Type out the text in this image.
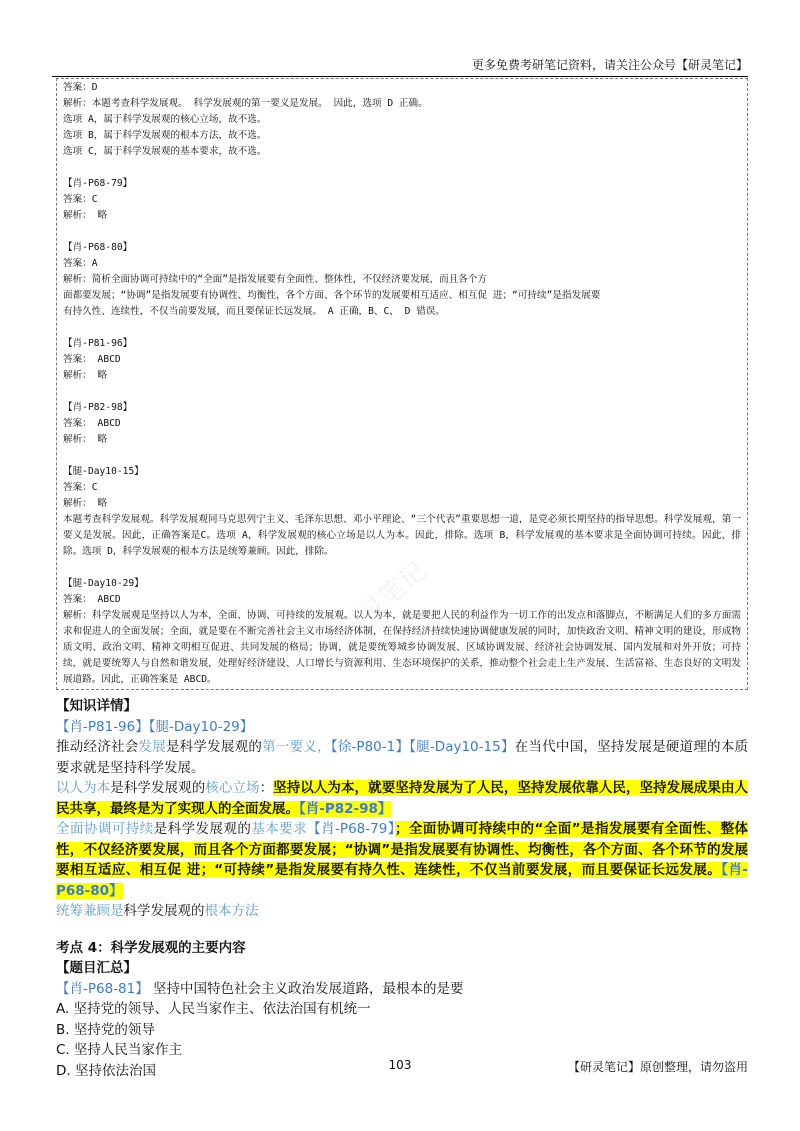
更多免费考研笔记资料，请关注公众号【研灵笔记】
研灵笔记
答案：D
解析：本题考查科学发展观。 科学发展观的第一要义是发展。 因此，选项 D 正确。
选项 A，属于科学发展观的核心立场，故不选。
选项 B，属于科学发展观的根本方法，故不选。
选项 C，属于科学发展观的基本要求，故不选。
【肖-P68-79】
答案：C
解析： 略
【肖-P68-80】
答案：A
解析：简析全面协调可持续中的“全面”是指发展要有全面性、整体性，不仅经济要发展，而且各个方
面都要发展；“协调”是指发展要有协调性、均衡性，各个方面、各个环节的发展要相互适应、相互促 进；“可持续”是指发展要
有持久性、连续性，不仅当前要发展，而且要保证长远发展。 A 正确，B、C、 D 错误。
【肖-P81-96】
答案： ABCD
解析： 略
【肖-P82-98】
答案： ABCD
解析： 略
【腿-Day10-15】
答案：C
解析： 略
本题考查科学发展观。科学发展观同马克思列宁主义、毛泽东思想、邓小平理论、“三个代表”重要思想一道，是党必须长期坚持的指导思想。科学发展观，第一要义是发展。因此，正确答案是C。选项 A，科学发展观的核心立场是以人为本。因此，排除。选项 B，科学发展观的基本要求是全面协调可持续。因此，排除。选项 D，科学发展观的根本方法是统筹兼顾。因此，排除。
【腿-Day10-29】
答案： ABCD
解析：科学发展观是坚持以人为本，全面、协调、可持续的发展观。以人为本，就是要把人民的利益作为一切工作的出发点和落脚点，不断满足人们的多方面需求和促进人的全面发展；全面，就是要在不断完善社会主义市场经济体制，在保持经济持续快速协调健康发展的同时，加快政治文明、精神文明的建设，形成物质文明、政治文明、精神文明相互促进、共同发展的格局；协调，就是要统筹城乡协调发展、区域协调发展、经济社会协调发展、国内发展和对外开放；可持续，就是要统筹人与自然和谐发展，处理好经济建设、人口增长与资源利用、生态环境保护的关系，推动整个社会走上生产发展、生活富裕、生态良好的文明发展道路。因此，正确答案是 ABCD。
【知识详情】
【肖-P81-96】【腿-Day10-29】
推动经济社会发展是科学发展观的第一要义，【徐-P80-1】【腿-Day10-15】在当代中国，坚持发展是硬道理的本质要求就是坚持科学发展。
以人为本是科学发展观的核心立场：坚持以人为本，就要坚持发展为了人民，坚持发展依靠人民，坚持发展成果由人民共享，最终是为了实现人的全面发展。【肖-P82-98】
全面协调可持续是科学发展观的基本要求【肖-P68-79】；全面协调可持续中的“全面”是指发展要有全面性、整体性，不仅经济要发展，而且各个方面都要发展；“协调”是指发展要有协调性、均衡性，各个方面、各个环节的发展要相互适应、相互促 进；“可持续”是指发展要有持久性、连续性，不仅当前要发展，而且要保证长远发展。【肖-P68-80】
统筹兼顾是科学发展观的根本方法
考点 4：科学发展观的主要内容
【题目汇总】
【肖-P68-81】 坚持中国特色社会主义政治发展道路，最根本的是要
A. 坚持党的领导、人民当家作主、依法治国有机统一
B. 坚持党的领导
C. 坚持人民当家作主
D. 坚持依法治国	103	【研灵笔记】原创整理，请勿盗用
